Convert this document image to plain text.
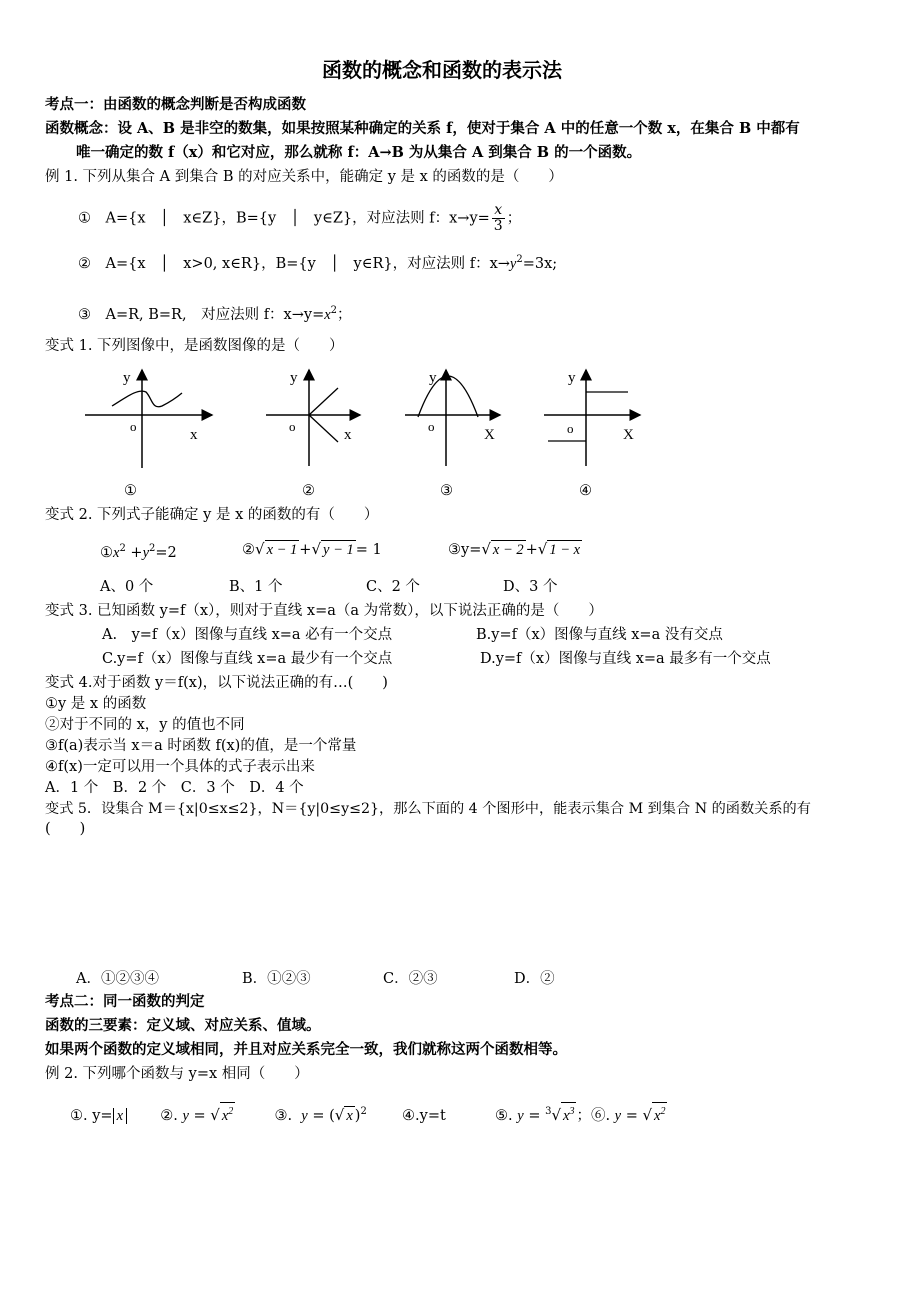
函数的概念和函数的表示法
考点一：由函数的概念判断是否构成函数
函数概念：设 A、B 是非空的数集，如果按照某种确定的关系 f，使对于集合 A 中的任意一个数 x，在集合 B 中都有
唯一确定的数 f（x）和它对应，那么就称 f：A→B 为从集合 A 到集合 B 的一个函数。
例 1. 下列从集合 A 到集合 B 的对应关系中，能确定 y 是 x 的函数的是（　　）
①　A={x　│　x∈Z}，B={y　│　y∈Z}，对应法则 f：$x\to y= \frac{x}{3}$ ；
②　A={x　│　x>0, x∈R}，B={y　│　y∈R}，对应法则 f：$x\to y^2=3x$;
③　A=R, B=R,　对应法则 f：$x\to y=x^2$；
变式 1. 下列图像中，是函数图像的是（　　）
y
o
x
y
o
x
y
o
X
y
o	X
①	②	③	④
变式 2. 下列式子能确定 y 是 x 的函数的有（　　）
$①x^2 +y^2=2$	②√ x − 1 +√ y − 1 = 1	③y=√ x − 2 +√ 1 − x
A、0 个	B、1 个	C、2 个	D、3 个
变式 3. 已知函数 y=f（x），则对于直线 x=a（a 为常数），以下说法正确的是（　　）
A.　y=f（x）图像与直线 x=a 必有一个交点	B.y=f（x）图像与直线 x=a 没有交点
C.y=f（x）图像与直线 x=a 最少有一个交点	D.y=f（x）图像与直线 x=a 最多有一个交点
变式 4.对于函数 y＝f(x)，以下说法正确的有…(　　)
①y 是 x 的函数
②对于不同的 x，y 的值也不同
③f(a)表示当 x＝a 时函数 f(x)的值，是一个常量
④f(x)一定可以用一个具体的式子表示出来
A．1 个　B．2 个　C．3 个　D．4 个
变式 5．设集合 M＝{x|0≤x≤2}，N＝{y|0≤y≤2}，那么下面的 4 个图形中，能表示集合 M 到集合 N 的函数关系的有
(　　)
A．①②③④	B．①②③	C．②③	D．②
考点二：同一函数的判定
函数的三要素：定义域、对应关系、值域。
如果两个函数的定义域相同，并且对应关系完全一致，我们就称这两个函数相等。
例 2. 下列哪个函数与 y=x 相同（　　）
①. y= x	②. y = √ $x^2$	③. y = (√ x )$^2$ ④.y=t	⑤. y = $^3$√ $x^3$ ；⑥. y = √ $x^2$
